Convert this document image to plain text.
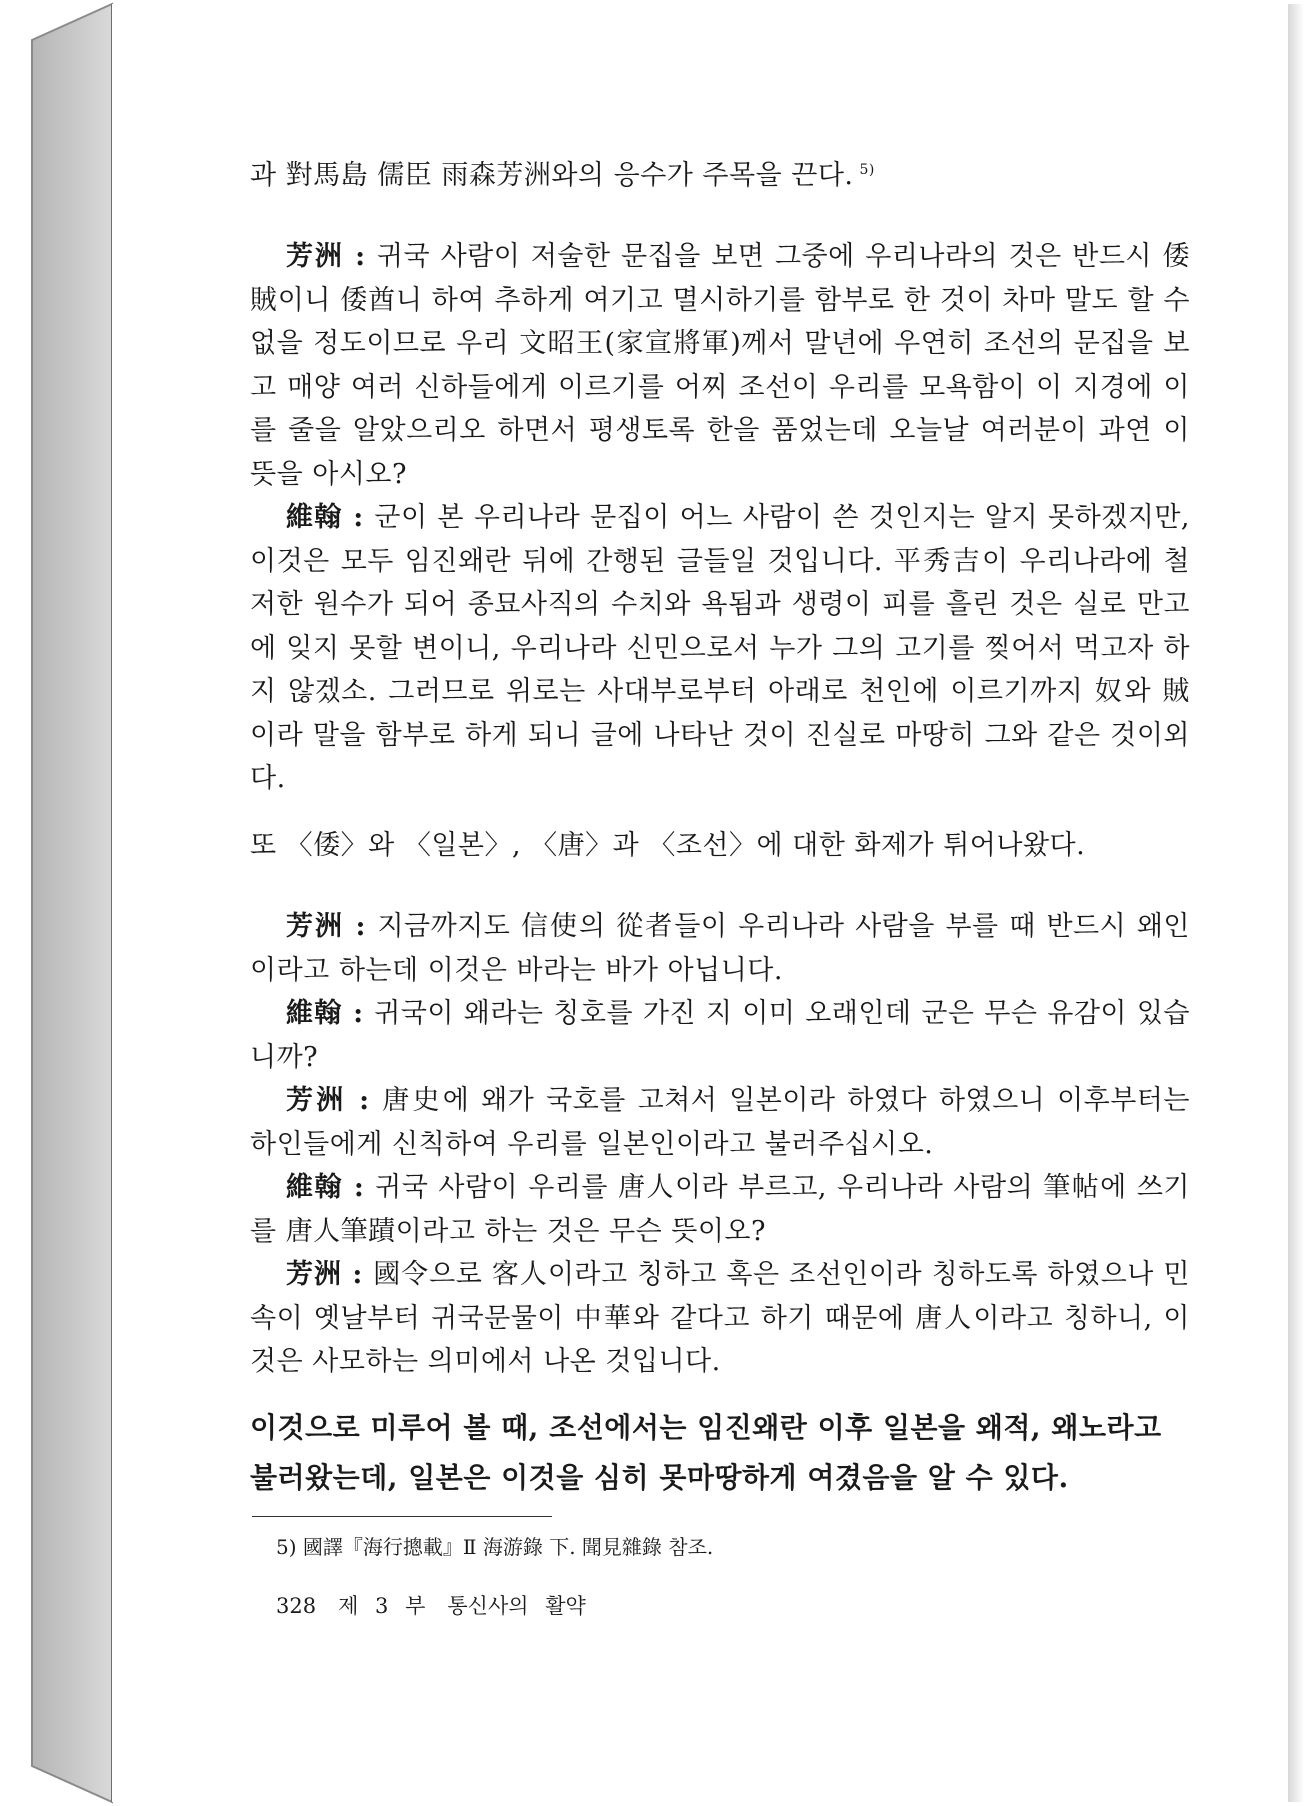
과 對馬島 儒臣 雨森芳洲와의 응수가 주목을 끈다. $^{5)}$

芳洲 : 귀국 사람이 저술한 문집을 보면 그중에 우리나라의 것은 반드시 倭賊이니 倭酋니 하여 추하게 여기고 멸시하기를 함부로 한 것이 차마 말도 할 수 없을 정도이므로 우리 文昭王(家宣將軍)께서 말년에 우연히 조선의 문집을 보고 매양 여러 신하들에게 이르기를 어찌 조선이 우리를 모욕함이 이 지경에 이를 줄을 알았으리오 하면서 평생토록 한을 품었는데 오늘날 여러분이 과연 이 뜻을 아시오?

維翰 : 군이 본 우리나라 문집이 어느 사람이 쓴 것인지는 알지 못하겠지만, 이것은 모두 임진왜란 뒤에 간행된 글들일 것입니다. 平秀吉이 우리나라에 철저한 원수가 되어 종묘사직의 수치와 욕됨과 생령이 피를 흘린 것은 실로 만고에 잊지 못할 변이니, 우리나라 신민으로서 누가 그의 고기를 찢어서 먹고자 하지 않겠소. 그러므로 위로는 사대부로부터 아래로 천인에 이르기까지 奴와 賊이라 말을 함부로 하게 되니 글에 나타난 것이 진실로 마땅히 그와 같은 것이외다.

또 〈倭〉와 〈일본〉, 〈唐〉과 〈조선〉에 대한 화제가 튀어나왔다.

芳洲 : 지금까지도 信使의 從者들이 우리나라 사람을 부를 때 반드시 왜인이라고 하는데 이것은 바라는 바가 아닙니다.

維翰 : 귀국이 왜라는 칭호를 가진 지 이미 오래인데 군은 무슨 유감이 있습니까?

芳洲 : 唐史에 왜가 국호를 고쳐서 일본이라 하였다 하였으니 이후부터는 하인들에게 신칙하여 우리를 일본인이라고 불러주십시오.

維翰 : 귀국 사람이 우리를 唐人이라 부르고, 우리나라 사람의 筆帖에 쓰기를 唐人筆蹟이라고 하는 것은 무슨 뜻이오?

芳洲 : 國令으로 客人이라고 칭하고 혹은 조선인이라 칭하도록 하였으나 민속이 옛날부터 귀국문물이 中華와 같다고 하기 때문에 唐人이라고 칭하니, 이것은 사모하는 의미에서 나온 것입니다.

이것으로 미루어 볼 때, 조선에서는 임진왜란 이후 일본을 왜적, 왜노라고 불러왔는데, 일본은 이것을 심히 못마땅하게 여겼음을 알 수 있다.
5) 國譯『海行摠載』Ⅱ 海游錄 下. 聞見雜錄 참조.
328 제 3 부 통신사의 활약
